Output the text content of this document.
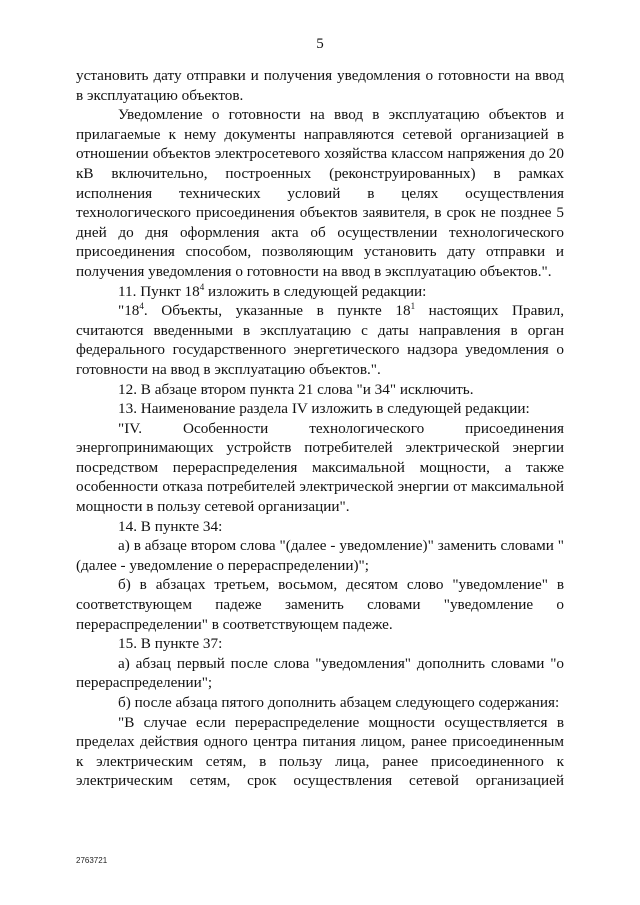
5

установить дату отправки и получения уведомления о готовности на ввод в эксплуатацию объектов.

Уведомление о готовности на ввод в эксплуатацию объектов и прилагаемые к нему документы направляются сетевой организацией в отношении объектов электросетевого хозяйства классом напряжения до 20 кВ включительно, построенных (реконструированных) в рамках исполнения технических условий в целях осуществления технологического присоединения объектов заявителя, в срок не позднее 5 дней до дня оформления акта об осуществлении технологического присоединения способом, позволяющим установить дату отправки и получения уведомления о готовности на ввод в эксплуатацию объектов.".

11. Пункт $18^4$ изложить в следующей редакции:

"$18^4$. Объекты, указанные в пункте $18^1$ настоящих Правил, считаются введенными в эксплуатацию с даты направления в орган федерального государственного энергетического надзора уведомления о готовности на ввод в эксплуатацию объектов.".

12. В абзаце втором пункта 21 слова "и 34" исключить.

13. Наименование раздела IV изложить в следующей редакции:

"IV. Особенности технологического присоединения энергопринимающих устройств потребителей электрической энергии посредством перераспределения максимальной мощности, а также особенности отказа потребителей электрической энергии от максимальной мощности в пользу сетевой организации".

14. В пункте 34:

а) в абзаце втором слова "(далее - уведомление)" заменить словами "(далее - уведомление о перераспределении)";

б) в абзацах третьем, восьмом, десятом слово "уведомление" в соответствующем падеже заменить словами "уведомление о перераспределении" в соответствующем падеже.

15. В пункте 37:

а) абзац первый после слова "уведомления" дополнить словами "о перераспределении";

б) после абзаца пятого дополнить абзацем следующего содержания:

"В случае если перераспределение мощности осуществляется в пределах действия одного центра питания лицом, ранее присоединенным к электрическим сетям, в пользу лица, ранее присоединенного к электрическим сетям, срок осуществления сетевой организацией

2763721
